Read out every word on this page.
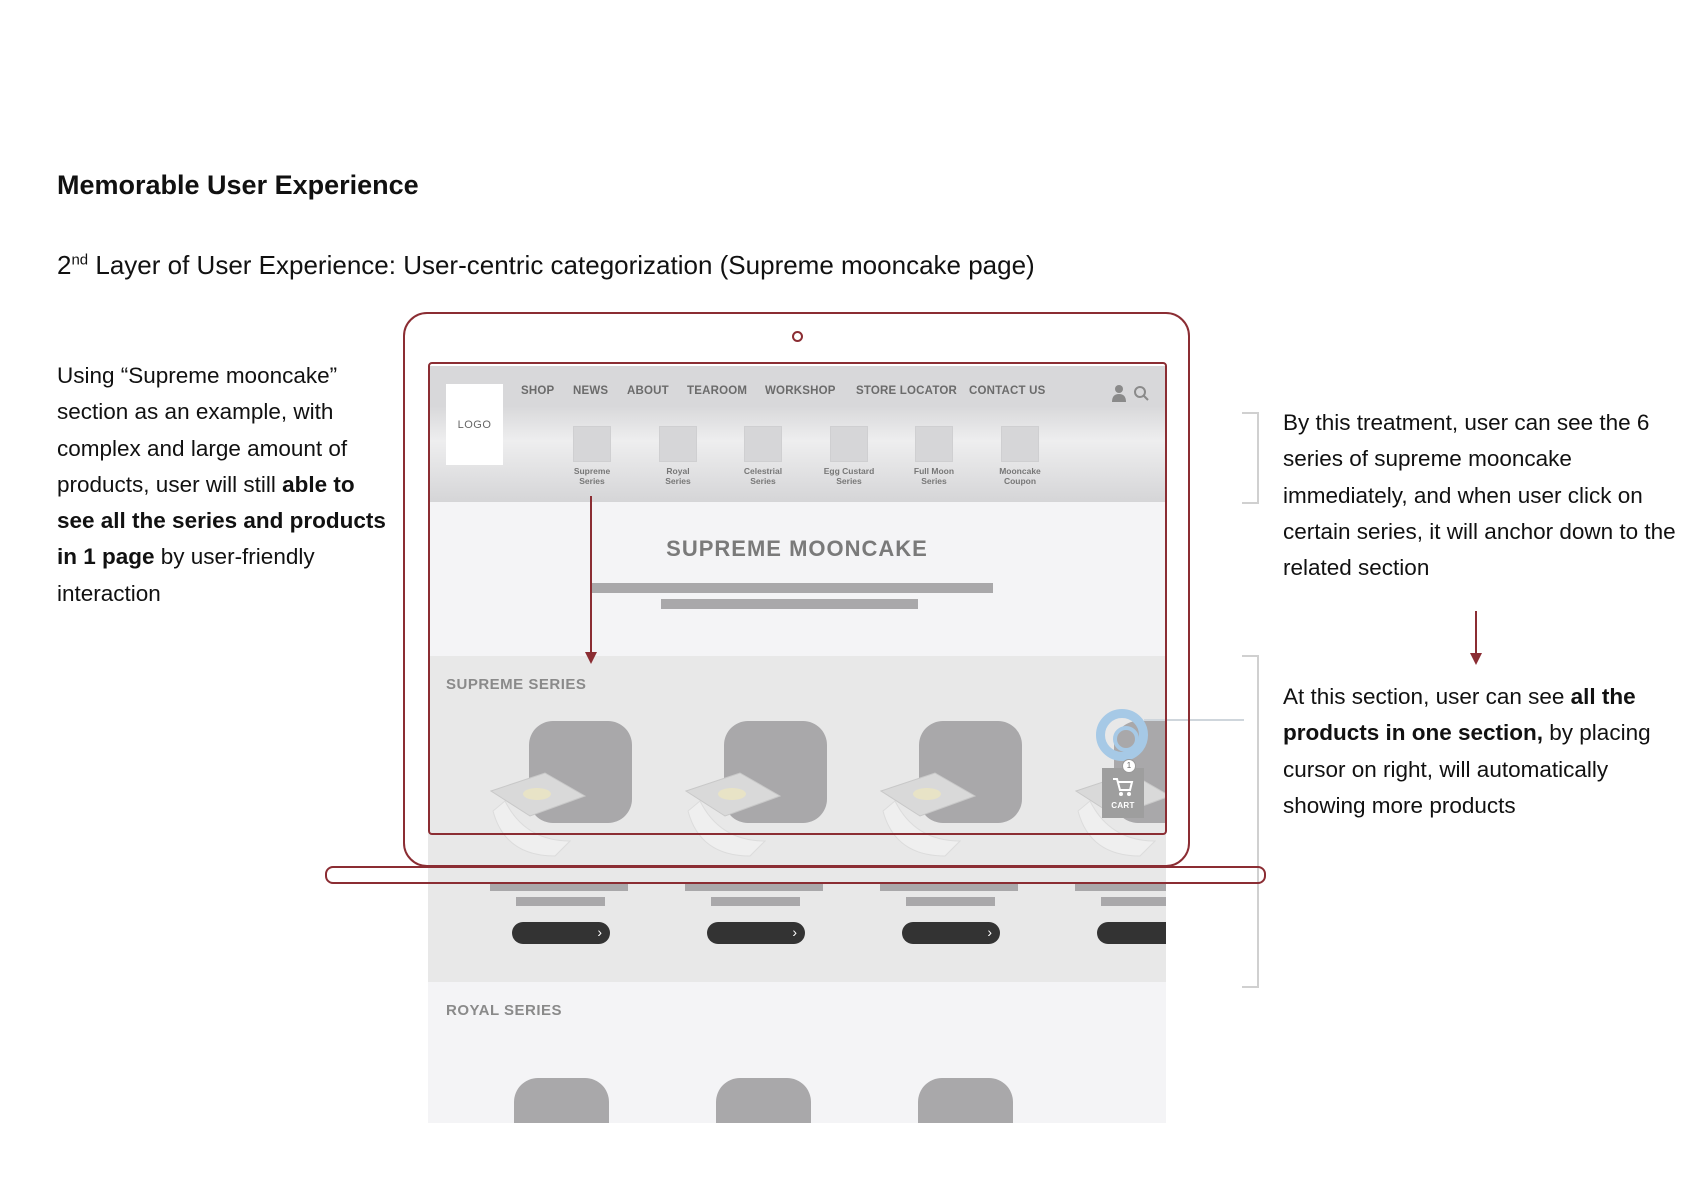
Memorable User Experience
2nd Layer of User Experience: User-centric categorization (Supreme mooncake page)
Using “Supreme mooncake” section as an example, with complex and large amount of products, user will still able to see all the series and products in 1 page by user-friendly interaction
By this treatment, user can see the 6 series of supreme mooncake immediately, and when user click on certain series, it will anchor down to the related section
At this section, user can see all the products in one section, by placing cursor on right, will automatically showing more products
LOGO
SHOP NEWS ABOUT TEAROOM WORKSHOP STORE LOCATOR CONTACT US
Supreme
Series
Royal
Series
Celestrial
Series
Egg Custard
Series
Full Moon
Series
Mooncake
Coupon
SUPREME MOONCAKE
SUPREME SERIES
›	›	›
CART
1
ROYAL SERIES
